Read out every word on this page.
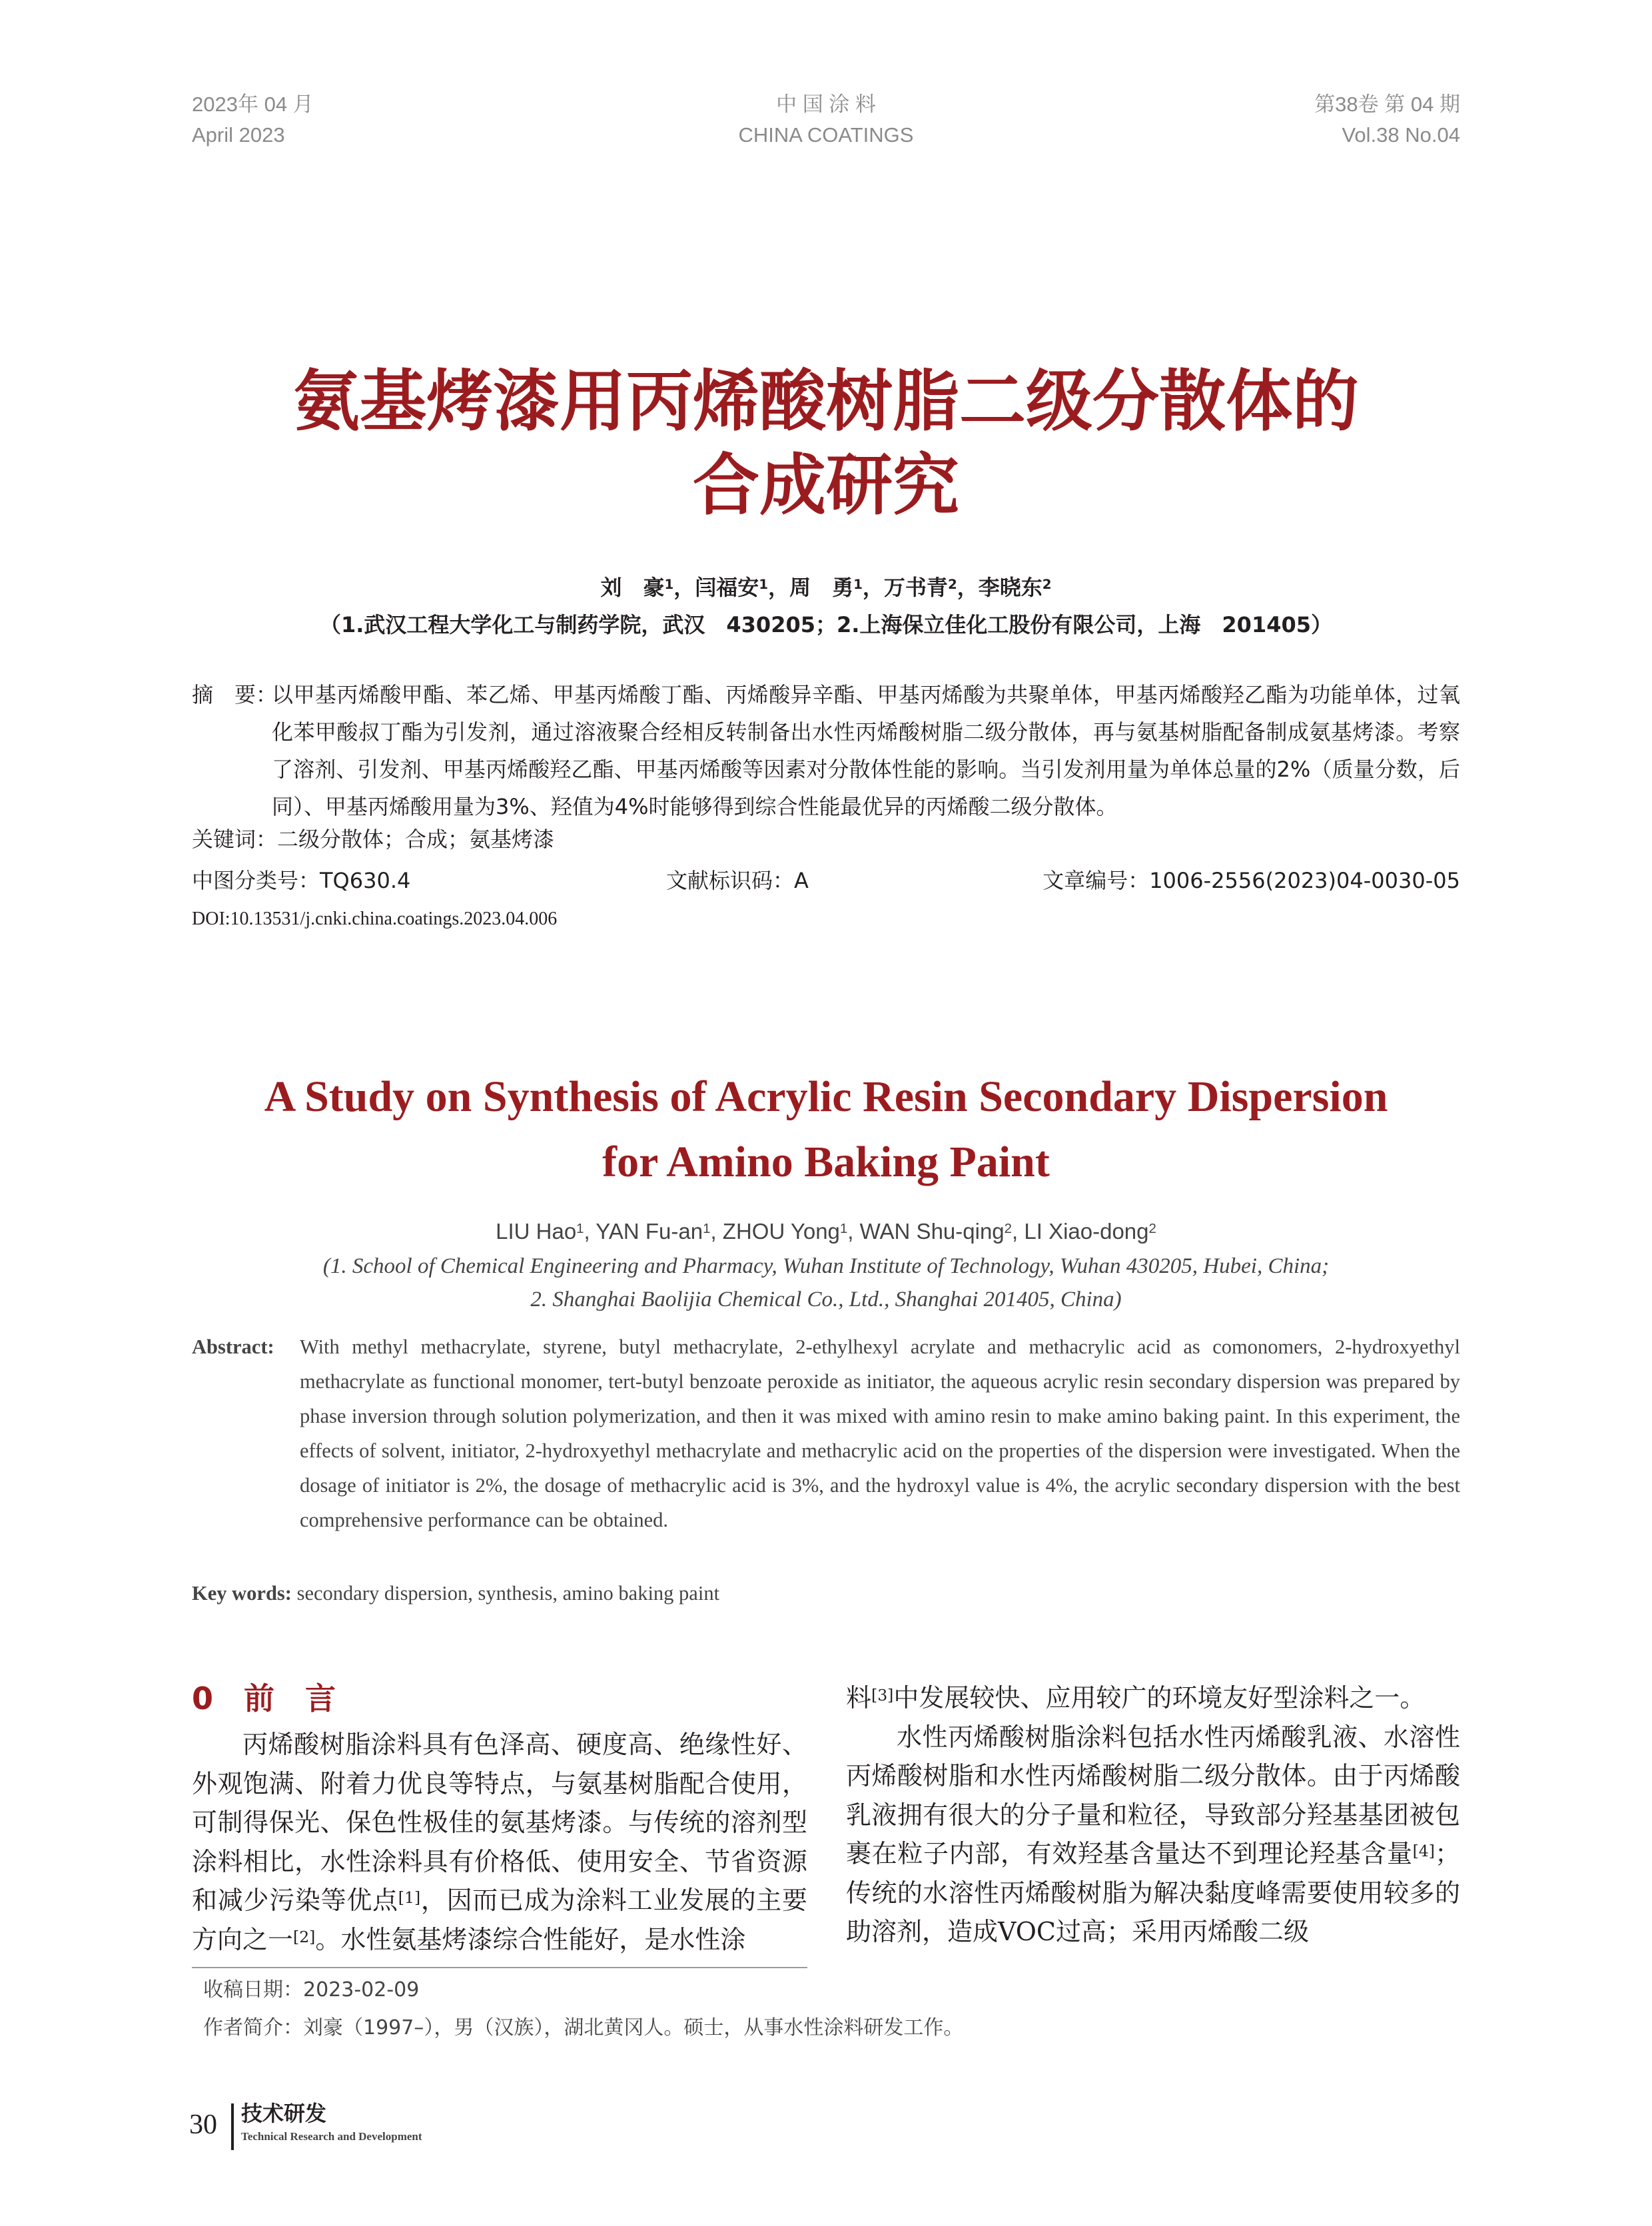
2023年 04 月
April 2023
中 国 涂 料
CHINA COATINGS
第38卷 第 04 期
Vol.38 No.04
氨基烤漆用丙烯酸树脂二级分散体的
合成研究
刘　豪$^1$，闫福安$^1$，周　勇$^1$，万书青$^2$，李晓东$^2$
（1.武汉工程大学化工与制药学院，武汉　430205；2.上海保立佳化工股份有限公司，上海　201405）
摘　要：
以甲基丙烯酸甲酯、苯乙烯、甲基丙烯酸丁酯、丙烯酸异辛酯、甲基丙烯酸为共聚单体，甲基丙烯酸羟乙酯为功能单体，过氧化苯甲酸叔丁酯为引发剂，通过溶液聚合经相反转制备出水性丙烯酸树脂二级分散体，再与氨基树脂配备制成氨基烤漆。考察了溶剂、引发剂、甲基丙烯酸羟乙酯、甲基丙烯酸等因素对分散体性能的影响。当引发剂用量为单体总量的2%（质量分数，后同）、甲基丙烯酸用量为3%、羟值为4%时能够得到综合性能最优异的丙烯酸二级分散体。
关键词：二级分散体；合成；氨基烤漆
中图分类号：TQ630.4	文献标识码：A	文章编号：1006-2556(2023)04-0030-05
DOI:10.13531/j.cnki.china.coatings.2023.04.006
A Study on Synthesis of Acrylic Resin Secondary Dispersion
for Amino Baking Paint
LIU Hao$^1$, YAN $Fu-an^1$, ZHOU Yong$^1$, WAN Shu-qing$^2$, LI Xiao-dong$^2$
(1. School of Chemical Engineering and Pharmacy, Wuhan Institute of Technology, Wuhan 430205, Hubei, China;
2. Shanghai Baolijia Chemical Co., Ltd., Shanghai 201405, China)
Abstract: With methyl methacrylate, styrene, butyl methacrylate, 2-ethylhexyl acrylate and methacrylic acid as comonomers, 2-hydroxyethyl methacrylate as functional monomer, tert-butyl benzoate peroxide as initiator, the aqueous acrylic resin secondary dispersion was prepared by phase inversion through solution polymerization, and then it was mixed with amino resin to make amino baking paint. In this experiment, the effects of solvent, initiator, 2-hydroxyethyl methacrylate and methacrylic acid on the properties of the dispersion were investigated. When the dosage of initiator is 2%, the dosage of methacrylic acid is 3%, and the hydroxyl value is 4%, the acrylic secondary dispersion with the best comprehensive performance can be obtained.
Key words: secondary dispersion, synthesis, amino baking paint
0　前　言

丙烯酸树脂涂料具有色泽高、硬度高、绝缘性好、外观饱满、附着力优良等特点，与氨基树脂配合使用，可制得保光、保色性极佳的氨基烤漆。与传统的溶剂型涂料相比，水性涂料具有价格低、使用安全、节省资源和减少污染等优点[1]，因而已成为涂料工业发展的主要方向之一[2]。水性氨基烤漆综合性能好，是水性涂

料[3]中发展较快、应用较广的环境友好型涂料之一。

水性丙烯酸树脂涂料包括水性丙烯酸乳液、水溶性丙烯酸树脂和水性丙烯酸树脂二级分散体。由于丙烯酸乳液拥有很大的分子量和粒径，导致部分羟基基团被包裹在粒子内部，有效羟基含量达不到理论羟基含量[4]；传统的水溶性丙烯酸树脂为解决黏度峰需要使用较多的助溶剂，造成VOC过高；采用丙烯酸二级

收稿日期：2023-02-09
作者简介：刘豪（1997–），男（汉族），湖北黄冈人。硕士，从事水性涂料研发工作。
30 技术研发
Technical Research and Development
